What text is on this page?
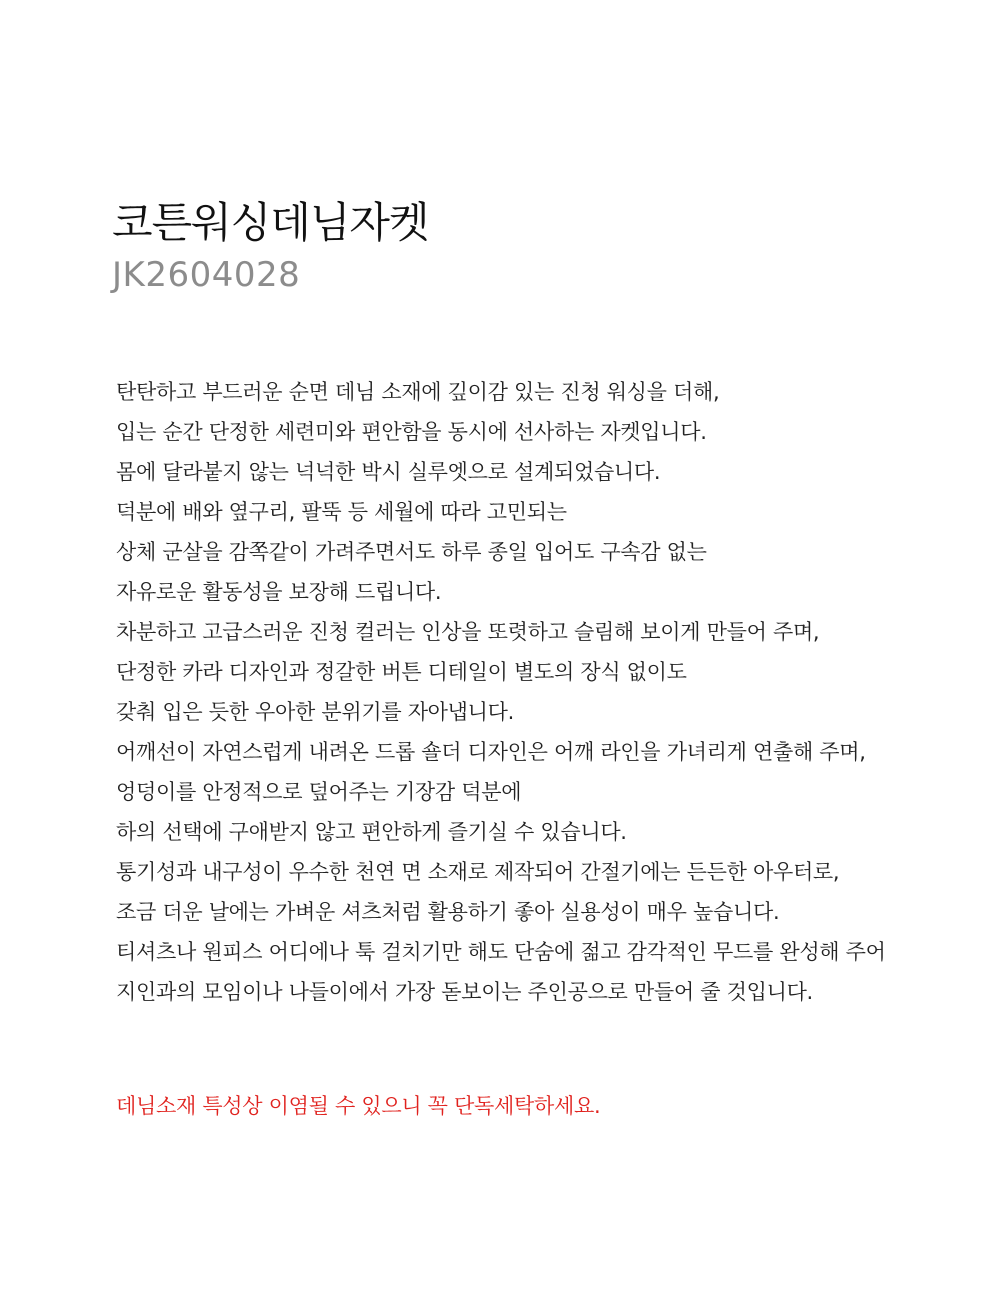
코튼워싱데님자켓
JK2604028
탄탄하고 부드러운 순면 데님 소재에 깊이감 있는 진청 워싱을 더해,
입는 순간 단정한 세련미와 편안함을 동시에 선사하는 자켓입니다.
몸에 달라붙지 않는 넉넉한 박시 실루엣으로 설계되었습니다.
덕분에 배와 옆구리, 팔뚝 등 세월에 따라 고민되는
상체 군살을 감쪽같이 가려주면서도 하루 종일 입어도 구속감 없는
자유로운 활동성을 보장해 드립니다.
차분하고 고급스러운 진청 컬러는 인상을 또렷하고 슬림해 보이게 만들어 주며,
단정한 카라 디자인과 정갈한 버튼 디테일이 별도의 장식 없이도
갖춰 입은 듯한 우아한 분위기를 자아냅니다.
어깨선이 자연스럽게 내려온 드롭 숄더 디자인은 어깨 라인을 가녀리게 연출해 주며,
엉덩이를 안정적으로 덮어주는 기장감 덕분에
하의 선택에 구애받지 않고 편안하게 즐기실 수 있습니다.
통기성과 내구성이 우수한 천연 면 소재로 제작되어 간절기에는 든든한 아우터로,
조금 더운 날에는 가벼운 셔츠처럼 활용하기 좋아 실용성이 매우 높습니다.
티셔츠나 원피스 어디에나 툭 걸치기만 해도 단숨에 젊고 감각적인 무드를 완성해 주어
지인과의 모임이나 나들이에서 가장 돋보이는 주인공으로 만들어 줄 것입니다.
데님소재 특성상 이염될 수 있으니 꼭 단독세탁하세요.
